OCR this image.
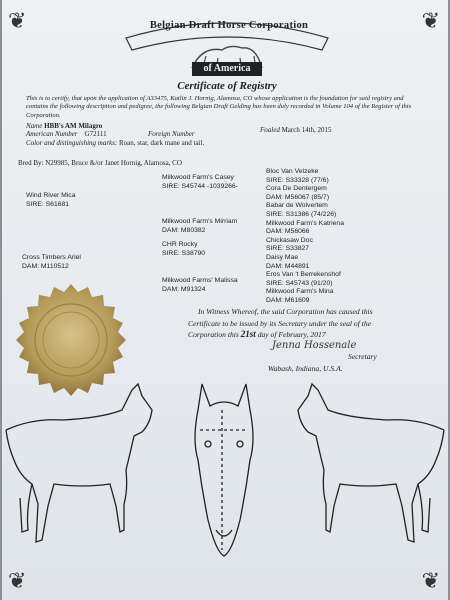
❦	❦
❦	❦
Belgian Draft Horse Corporation
of America
Certificate of Registry
This is to certify, that upon the application of A33475, Katlin J. Hornig, Alamosa, CO whose application is the foundation for said registry and contains the following description and pedigree, the following Belgian Draft Gelding has been duly recorded in Volume 104 of the Register of this Corporation.
Name HBB's AM Milagro
American Number G72111	Foreign Number	Foaled March 14th, 2015
Color and distinguishing marks: Roan, star, dark mane and tail.
Bred By: N29985, Bruce &/or Janet Hornig, Alamosa, CO
Wind River Mica
SIRE: S61681
Cross Timbers Ariel
DAM: M110512
Milkwood Farm's Casey
SIRE: S45744 -1039266-
Milkwood Farm's Mirriam
DAM: M80382
CHR Rocky
SIRE: S38790
Milkwood Farms' Malissa
DAM: M91324
Bloc Van Velzeke
SIRE: S33328 (77/6)
Cora De Dentergem
DAM: M56067 (85/7)
Babar de Wolvertem
SIRE: S31386 (74/226)
Milkwood Farm's Katriena
DAM: M56066
Chickasaw Doc
SIRE: S33827
Daisy Mae
DAM: M44891
Eros Van 't Berrekenshof
SIRE: S45743 (91/20)
Milkwood Farm's Mina
DAM: M61609
In Witness Whereof, the said Corporation has caused this
Certificate to be issued by its Secretary under the seal of the
Corporation this 21st day of February, 2017
Jenna Hossenale
Secretary
Wabash, Indiana, U.S.A.
